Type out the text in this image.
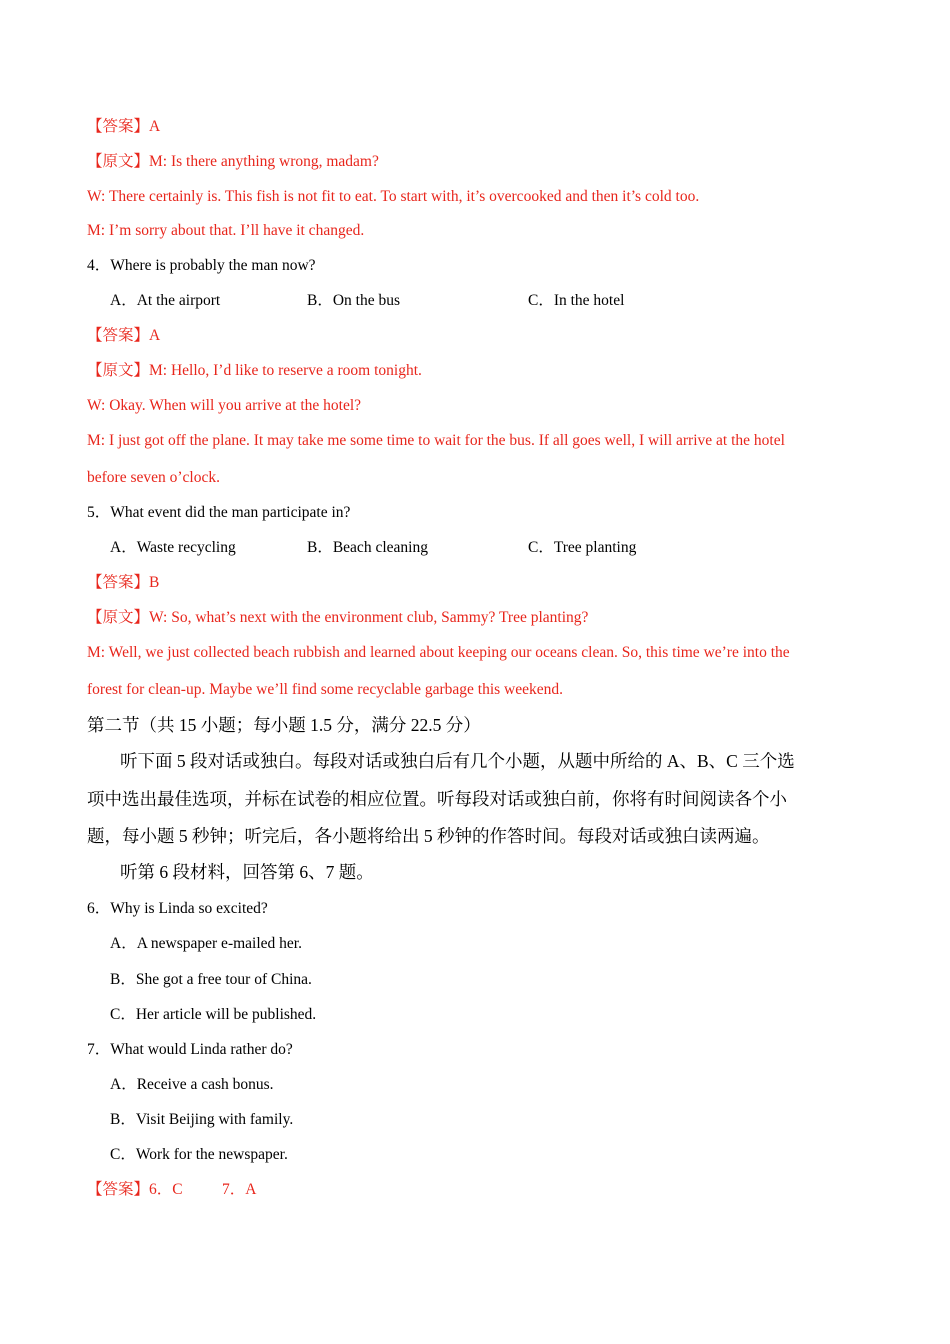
【答案】A
【原文】M: Is there anything wrong, madam?
W: There certainly is. This fish is not fit to eat. To start with, it’s overcooked and then it’s cold too.
M: I’m sorry about that. I’ll have it changed.
4．Where is probably the man now?
A．At the airport	B．On the bus	C．In the hotel
【答案】A
【原文】M: Hello, I’d like to reserve a room tonight.
W: Okay. When will you arrive at the hotel?
M: I just got off the plane. It may take me some time to wait for the bus. If all goes well, I will arrive at the hotel
before seven o’clock.
5．What event did the man participate in?
A．Waste recycling	B．Beach cleaning	C．Tree planting
【答案】B
【原文】W: So, what’s next with the environment club, Sammy? Tree planting?
M: Well, we just collected beach rubbish and learned about keeping our oceans clean. So, this time we’re into the
forest for clean-up. Maybe we’ll find some recyclable garbage this weekend.
第二节（共 15 小题；每小题 1.5 分，满分 22.5 分）
听下面 5 段对话或独白。每段对话或独白后有几个小题，从题中所给的 A、B、C 三个选
项中选出最佳选项，并标在试卷的相应位置。听每段对话或独白前，你将有时间阅读各个小
题，每小题 5 秒钟；听完后，各小题将给出 5 秒钟的作答时间。每段对话或独白读两遍。
听第 6 段材料，回答第 6、7 题。
6．Why is Linda so excited?
A．A newspaper e-mailed her.
B．She got a free tour of China.
C．Her article will be published.
7．What would Linda rather do?
A．Receive a cash bonus.
B．Visit Beijing with family.
C．Work for the newspaper.
【答案】6．C	7．A
